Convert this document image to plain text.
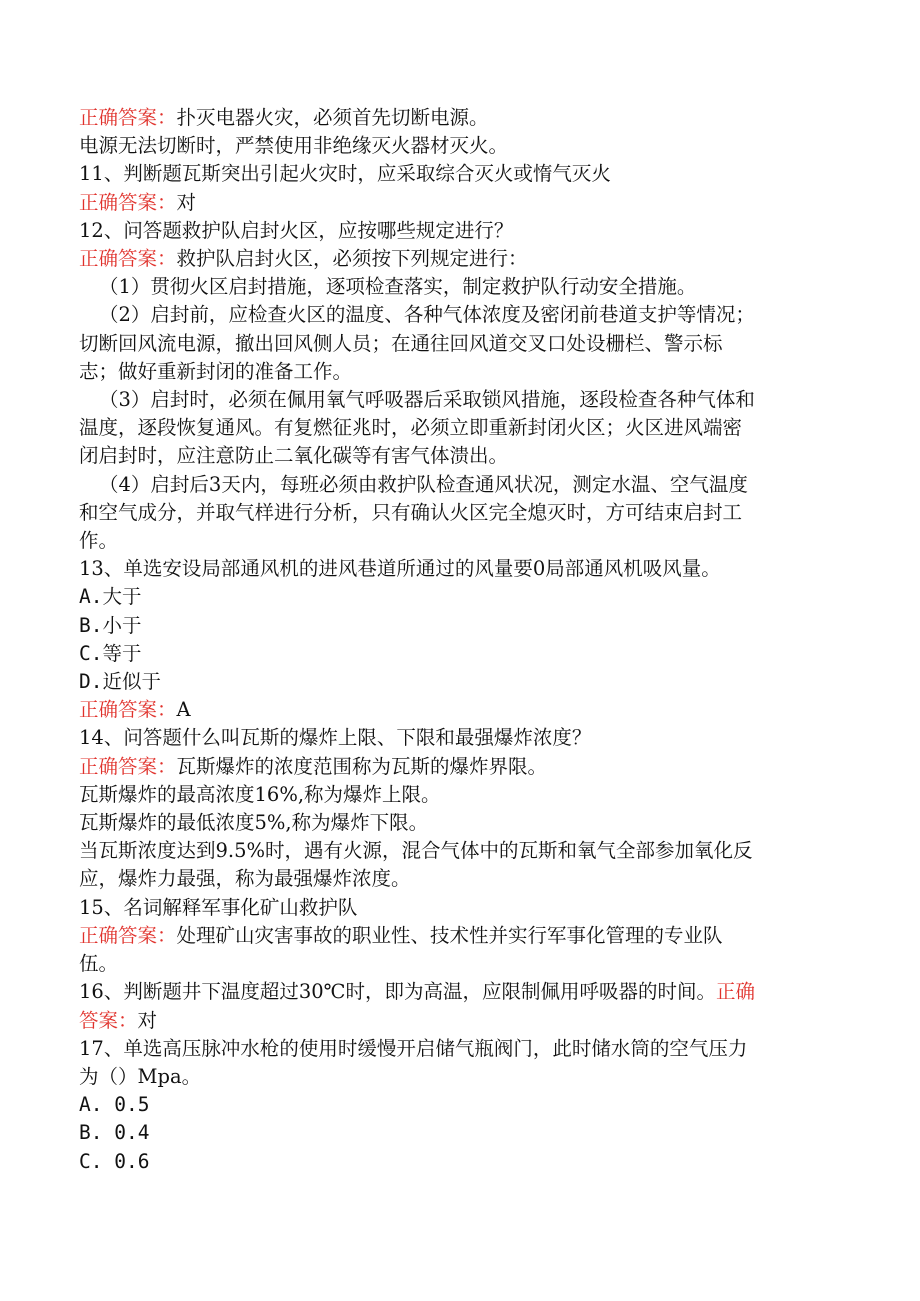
正确答案：扑灭电器火灾，必须首先切断电源。
电源无法切断时，严禁使用非绝缘灭火器材灭火。
11、判断题瓦斯突出引起火灾时，应采取综合灭火或惰气灭火
正确答案：对
12、问答题救护队启封火区，应按哪些规定进行？
正确答案：救护队启封火区，必须按下列规定进行：
（1）贯彻火区启封措施，逐项检查落实，制定救护队行动安全措施。
（2）启封前，应检查火区的温度、各种气体浓度及密闭前巷道支护等情况；
切断回风流电源，撤出回风侧人员；在通往回风道交叉口处设栅栏、警示标
志；做好重新封闭的准备工作。
（3）启封时，必须在佩用氧气呼吸器后采取锁风措施，逐段检查各种气体和
温度，逐段恢复通风。有复燃征兆时，必须立即重新封闭火区；火区进风端密
闭启封时，应注意防止二氧化碳等有害气体溃出。
（4）启封后3天内，每班必须由救护队检查通风状况，测定水温、空气温度
和空气成分，并取气样进行分析，只有确认火区完全熄灭时，方可结束启封工
作。
13、单选安设局部通风机的进风巷道所通过的风量要0局部通风机吸风量。
A.大于
B.小于
C.等于
D.近似于
正确答案：A
14、问答题什么叫瓦斯的爆炸上限、下限和最强爆炸浓度？
正确答案：瓦斯爆炸的浓度范围称为瓦斯的爆炸界限。
瓦斯爆炸的最高浓度16%,称为爆炸上限。
瓦斯爆炸的最低浓度5%,称为爆炸下限。
当瓦斯浓度达到9.5%时，遇有火源，混合气体中的瓦斯和氧气全部参加氧化反
应，爆炸力最强，称为最强爆炸浓度。
15、名词解释军事化矿山救护队
正确答案：处理矿山灾害事故的职业性、技术性并实行军事化管理的专业队
伍。
16、判断题井下温度超过30℃时，即为高温，应限制佩用呼吸器的时间。正确
答案：对
17、单选高压脉冲水枪的使用时缓慢开启储气瓶阀门，此时储水筒的空气压力
为（）Mpa。
A. 0.5
B. 0.4
C. 0.6
